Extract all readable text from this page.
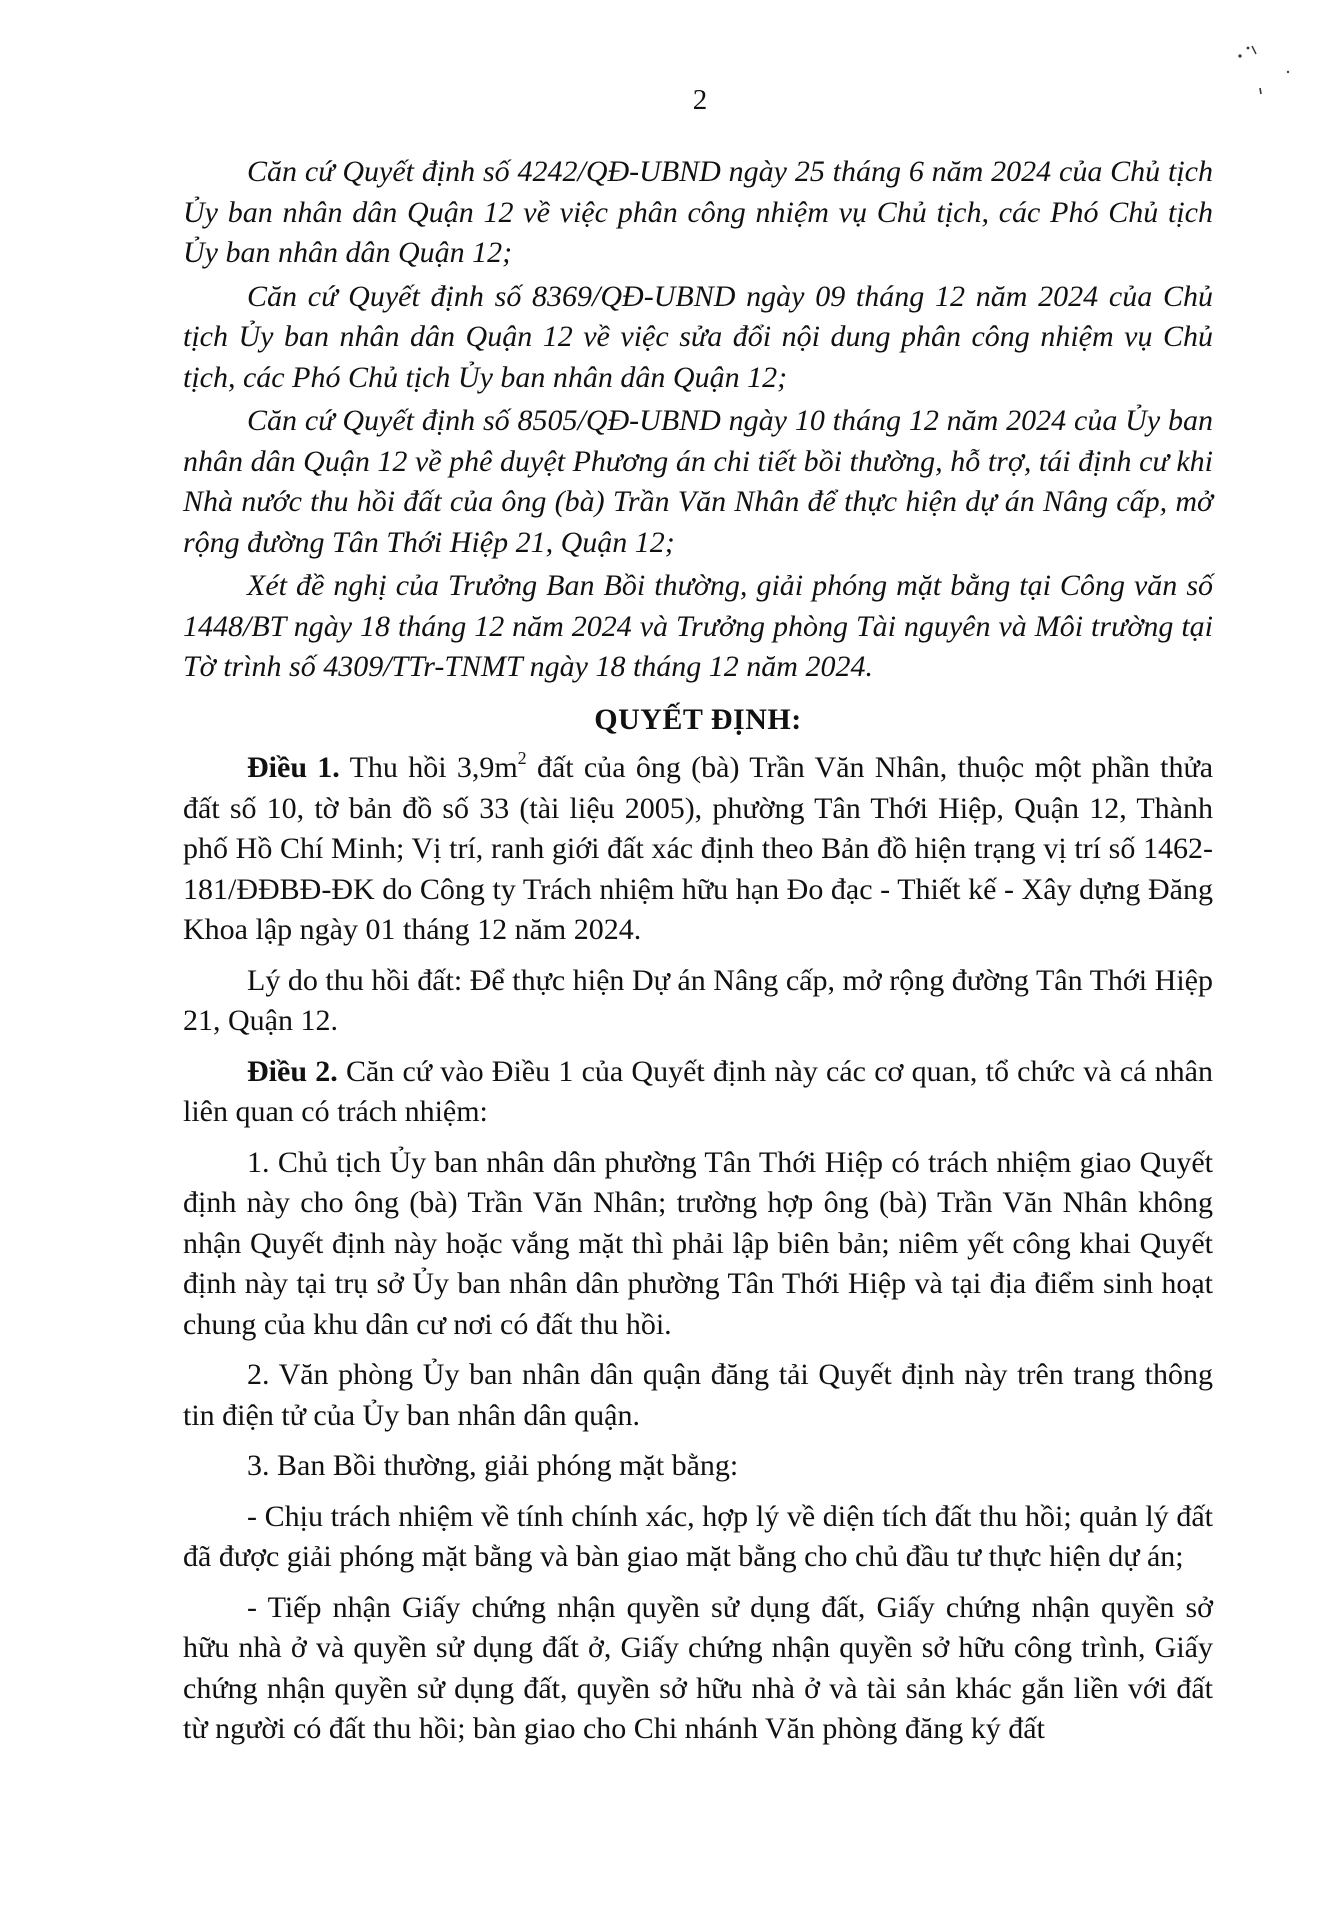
2

Căn cứ Quyết định số 4242/QĐ-UBND ngày 25 tháng 6 năm 2024 của Chủ tịch Ủy ban nhân dân Quận 12 về việc phân công nhiệm vụ Chủ tịch, các Phó Chủ tịch Ủy ban nhân dân Quận 12;

Căn cứ Quyết định số 8369/QĐ-UBND ngày 09 tháng 12 năm 2024 của Chủ tịch Ủy ban nhân dân Quận 12 về việc sửa đổi nội dung phân công nhiệm vụ Chủ tịch, các Phó Chủ tịch Ủy ban nhân dân Quận 12;

Căn cứ Quyết định số 8505/QĐ-UBND ngày 10 tháng 12 năm 2024 của Ủy ban nhân dân Quận 12 về phê duyệt Phương án chi tiết bồi thường, hỗ trợ, tái định cư khi Nhà nước thu hồi đất của ông (bà) Trần Văn Nhân để thực hiện dự án Nâng cấp, mở rộng đường Tân Thới Hiệp 21, Quận 12;

Xét đề nghị của Trưởng Ban Bồi thường, giải phóng mặt bằng tại Công văn số 1448/BT ngày 18 tháng 12 năm 2024 và Trưởng phòng Tài nguyên và Môi trường tại Tờ trình số 4309/TTr-TNMT ngày 18 tháng 12 năm 2024.

QUYẾT ĐỊNH:

Điều 1. Thu hồi $3,9m^2$ đất của ông (bà) Trần Văn Nhân, thuộc một phần thửa đất số 10, tờ bản đồ số 33 (tài liệu 2005), phường Tân Thới Hiệp, Quận 12, Thành phố Hồ Chí Minh; Vị trí, ranh giới đất xác định theo Bản đồ hiện trạng vị trí số 1462-181/ĐĐBĐ-ĐK do Công ty Trách nhiệm hữu hạn Đo đạc - Thiết kế - Xây dựng Đăng Khoa lập ngày 01 tháng 12 năm 2024.

Lý do thu hồi đất: Để thực hiện Dự án Nâng cấp, mở rộng đường Tân Thới Hiệp 21, Quận 12.

Điều 2. Căn cứ vào Điều 1 của Quyết định này các cơ quan, tổ chức và cá nhân liên quan có trách nhiệm:

1. Chủ tịch Ủy ban nhân dân phường Tân Thới Hiệp có trách nhiệm giao Quyết định này cho ông (bà) Trần Văn Nhân; trường hợp ông (bà) Trần Văn Nhân không nhận Quyết định này hoặc vắng mặt thì phải lập biên bản; niêm yết công khai Quyết định này tại trụ sở Ủy ban nhân dân phường Tân Thới Hiệp và tại địa điểm sinh hoạt chung của khu dân cư nơi có đất thu hồi.

2. Văn phòng Ủy ban nhân dân quận đăng tải Quyết định này trên trang thông tin điện tử của Ủy ban nhân dân quận.

3. Ban Bồi thường, giải phóng mặt bằng:

- Chịu trách nhiệm về tính chính xác, hợp lý về diện tích đất thu hồi; quản lý đất đã được giải phóng mặt bằng và bàn giao mặt bằng cho chủ đầu tư thực hiện dự án;

- Tiếp nhận Giấy chứng nhận quyền sử dụng đất, Giấy chứng nhận quyền sở hữu nhà ở và quyền sử dụng đất ở, Giấy chứng nhận quyền sở hữu công trình, Giấy chứng nhận quyền sử dụng đất, quyền sở hữu nhà ở và tài sản khác gắn liền với đất từ người có đất thu hồi; bàn giao cho Chi nhánh Văn phòng đăng ký đất
